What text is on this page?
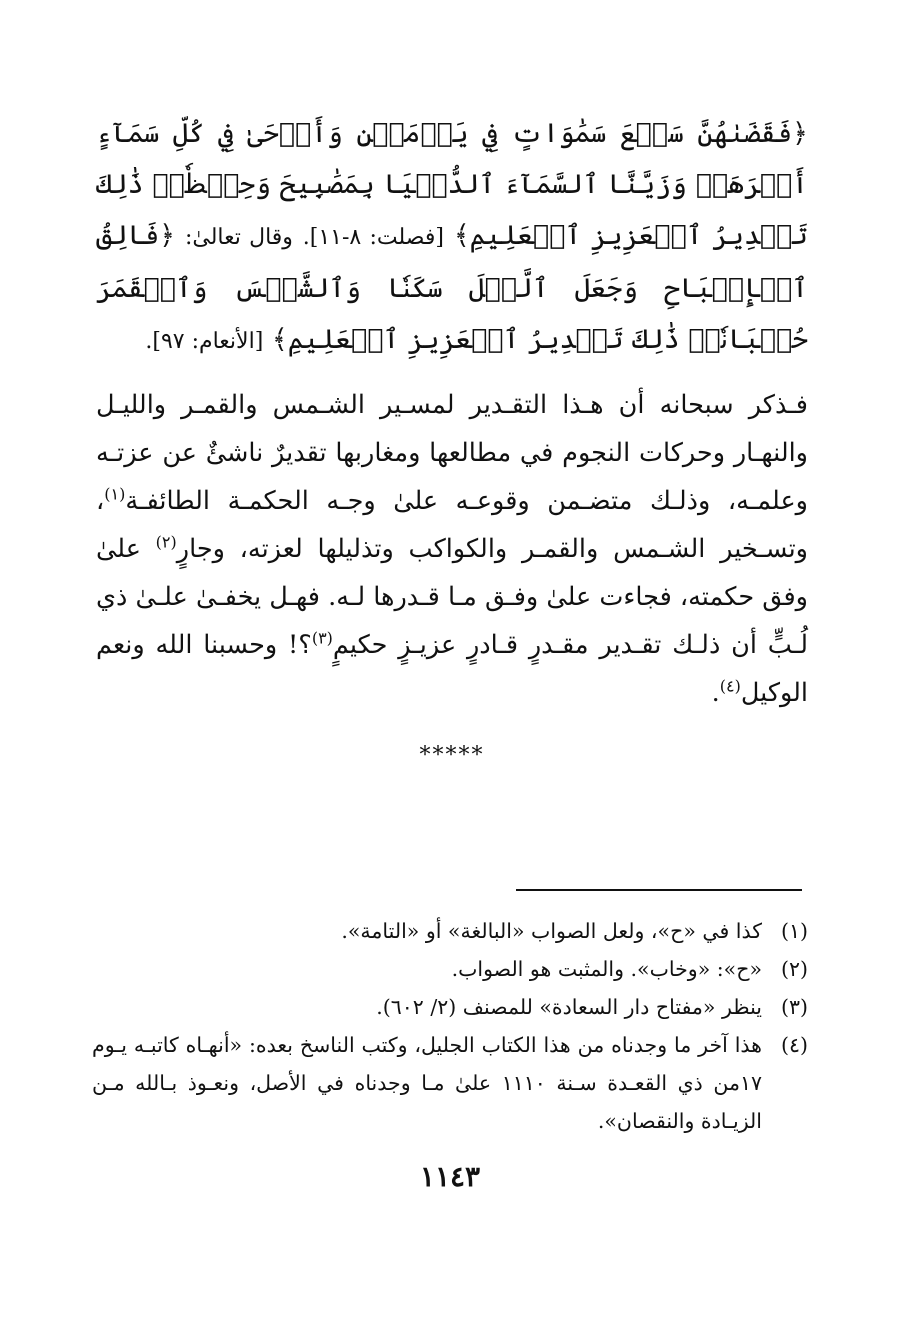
﴿فَقَضَىٰهُنَّ سَبۡعَ سَمَٰوَاتٍ فِي يَوۡمَيۡنِ وَأَوۡحَىٰ فِي كُلِّ سَمَآءٍ أَمۡرَهَاۚ وَزَيَّنَّا ٱلسَّمَآءَ ٱلدُّنۡيَا بِمَصَٰبِيحَ وَحِفۡظٗاۚ ذَٰلِكَ تَقۡدِيرُ ٱلۡعَزِيزِ ٱلۡعَلِيمِ﴾ [فصلت: ٨-١١]. وقال تعالىٰ: ﴿فَالِقُ ٱلۡإِصۡبَاحِ وَجَعَلَ ٱلَّيۡلَ سَكَنٗا وَٱلشَّمۡسَ وَٱلۡقَمَرَ حُسۡبَانٗاۚ ذَٰلِكَ تَقۡدِيرُ ٱلۡعَزِيزِ ٱلۡعَلِيمِ﴾ [الأنعام: ٩٧].

فـذكر سبحانه أن هـذا التقـدير لمسـير الشـمس والقمـر والليـل والنهـار وحركات النجوم في مطالعها ومغاربها تقديرٌ ناشئٌ عن عزتـه وعلمـه، وذلـك متضـمن وقوعـه علىٰ وجـه الحكمـة الطائفـة$^{(١)}$، وتسـخير الشـمس والقمـر والكواكب وتذليلها لعزته، وجارٍ$^{(٢)}$ علىٰ وفق حكمته، فجاءت علىٰ وفـق مـا قـدرها لـه. فهـل يخفـىٰ علـىٰ ذي لُـبٍّ أن ذلـك تقـدير مقـدرٍ قـادرٍ عزيـزٍ حكيمٍ$^{(٣)}$؟! وحسبنا الله ونعم الوكيل$^{(٤)}$.

*****
(١)
كذا في «ح»، ولعل الصواب «البالغة» أو «التامة».
(٢)
«ح»: «وخاب». والمثبت هو الصواب.
(٣)
ينظر «مفتاح دار السعادة» للمصنف (٢/ ٦٠٢).
(٤)
هذا آخر ما وجدناه من هذا الكتاب الجليل، وكتب الناسخ بعده: «أنهـاه كاتبـه يـوم ١٧من ذي القعـدة سـنة ١١١٠ علىٰ مـا وجدناه في الأصل، ونعـوذ بـالله مـن الزيـادة والنقصان».
١١٤٣
